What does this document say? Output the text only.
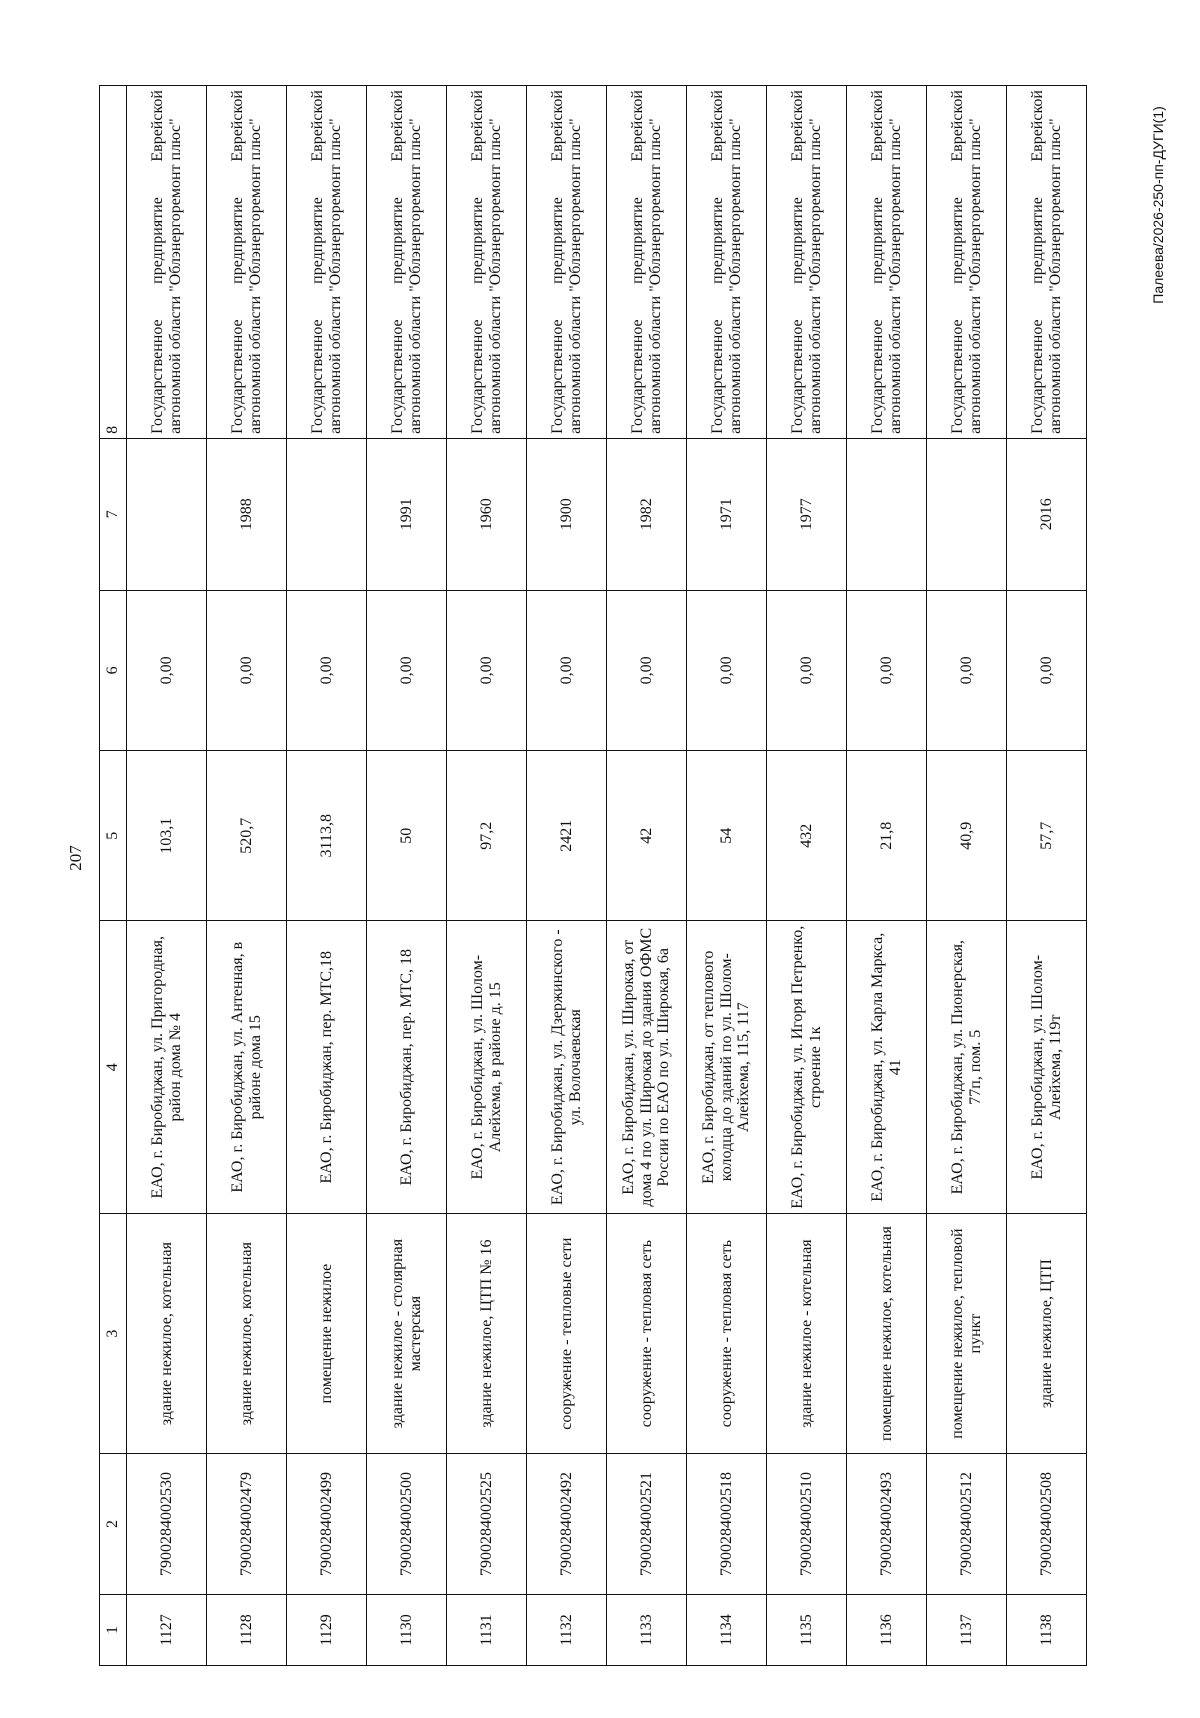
207
Палеева/2026-250-пп-ДУГИ(1)
1	2	3	4	5	6	7	8
1127	7900284002530	здание нежилое, котельная	ЕАО, г. Биробиджан, ул. Пригородная, район дома № 4	103,1	0,00		Государственное предприятие Еврейской автономной области "Облэнергоремонт плюс"
1128	7900284002479	здание нежилое, котельная	ЕАО, г. Биробиджан, ул. Антенная, в районе дома 15	520,7	0,00	1988	Государственное предприятие Еврейской автономной области "Облэнергоремонт плюс"
1129	7900284002499	помещение нежилое	ЕАО, г. Биробиджан, пер. МТС,18	3113,8	0,00		Государственное предприятие Еврейской автономной области "Облэнергоремонт плюс"
1130	7900284002500	здание нежилое - столярная мастерская	ЕАО, г. Биробиджан, пер. МТС, 18	50	0,00	1991	Государственное предприятие Еврейской автономной области "Облэнергоремонт плюс"
1131	7900284002525	здание нежилое, ЦТП № 16	ЕАО, г. Биробиджан, ул. Шолом-Алейхема, в районе д. 15	97,2	0,00	1960	Государственное предприятие Еврейской автономной области "Облэнергоремонт плюс"
1132	7900284002492	сооружение - тепловые сети	ЕАО, г. Биробиджан, ул. Дзержинского - ул. Волочаевская	2421	0,00	1900	Государственное предприятие Еврейской автономной области "Облэнергоремонт плюс"
1133	7900284002521	сооружение - тепловая сеть	ЕАО, г. Биробиджан, ул. Широкая, от дома 4 по ул. Широкая до здания ОФМС России по ЕАО по ул. Широкая, 6а	42	0,00	1982	Государственное предприятие Еврейской автономной области "Облэнергоремонт плюс"
1134	7900284002518	сооружение - тепловая сеть	ЕАО, г. Биробиджан, от теплового колодца до зданий по ул. Шолом-Алейхема, 115, 117	54	0,00	1971	Государственное предприятие Еврейской автономной области "Облэнергоремонт плюс"
1135	7900284002510	здание нежилое - котельная	ЕАО, г. Биробиджан, ул. Игоря Петренко, строение 1к	432	0,00	1977	Государственное предприятие Еврейской автономной области "Облэнергоремонт плюс"
1136	7900284002493	помещение нежилое, котельная	ЕАО, г. Биробиджан, ул. Карла Маркса, 41	21,8	0,00		Государственное предприятие Еврейской автономной области "Облэнергоремонт плюс"
1137	7900284002512	помещение нежилое, тепловой пункт	ЕАО, г. Биробиджан, ул. Пионерская, 77п, пом. 5	40,9	0,00		Государственное предприятие Еврейской автономной области "Облэнергоремонт плюс"
1138	7900284002508	здание нежилое, ЦТП	ЕАО, г. Биробиджан, ул. Шолом-Алейхема, 119т	57,7	0,00	2016	Государственное предприятие Еврейской автономной области "Облэнергоремонт плюс"
